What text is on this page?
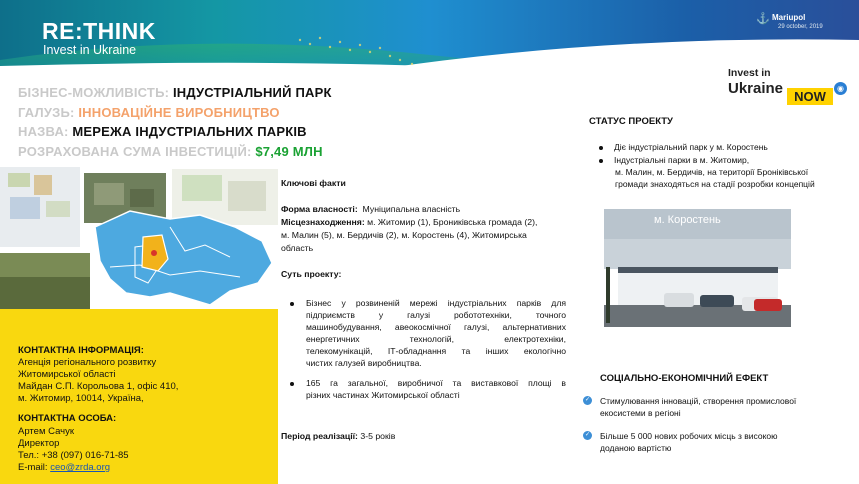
RE:THINK
Invest in Ukraine
⚓ Mariupol
29 october, 2019
БІЗНЕС-МОЖЛИВІСТЬ: ІНДУСТРІАЛЬНИЙ ПАРК
ГАЛУЗЬ: ІННОВАЦІЙНЕ ВИРОБНИЦТВО
НАЗВА: МЕРЕЖА ІНДУСТРІАЛЬНИХ ПАРКІВ
РОЗРАХОВАНА СУМА ІНВЕСТИЦІЙ: $7,49 МЛН
Invest in
Ukraine NOW
◉
КОНТАКТНА ІНФОРМАЦІЯ:
Агенція регіонального розвитку
Житомирської області
Майдан С.П. Корольова 1, офіс 410,
м. Житомир, 10014, Україна,
КОНТАКТНА ОСОБА:
Артем Сачук
Директор
Тел.: +38 (097) 016-71-85
E-mail: ceo@zrda.org
Ключові факти
Форма власності: Муніципальна власність
Місцезнаходження: м. Житомир (1), Брониківська громада (2),
м. Малин (5), м. Бердичів (2), м. Коростень (4), Житомирська
область
Суть проекту:
Бізнес у розвиненій мережі індустріальних парків для
підприємств у галузі робототехніки, точного
машинобудування, авеокосмічної галузі, альтернативних
енергетичних технологій, електротехніки,
телекомунікацій, ІТ-обладнання та інших екологічно
чистих галузей виробництва.
165 га загальної, виробничої та виставкової площі в
різних частинах Житомирської області
Період реалізації: 3-5 років
СТАТУС ПРОЕКТУ
Діє індустріальний парк у м. Коростень
Індустріальні парки в м. Житомир,
м. Малин, м. Бердичів, на території Броніківської
громади знаходяться на стадії розробки концепцій
м. Коростень
СОЦІАЛЬНО-ЕКОНОМІЧНИЙ ЕФЕКТ
✓ Стимулювання інновацій, створення промислової
екосистеми в регіоні
✓ Більше 5 000 нових робочих місць з високою
доданою вартістю
